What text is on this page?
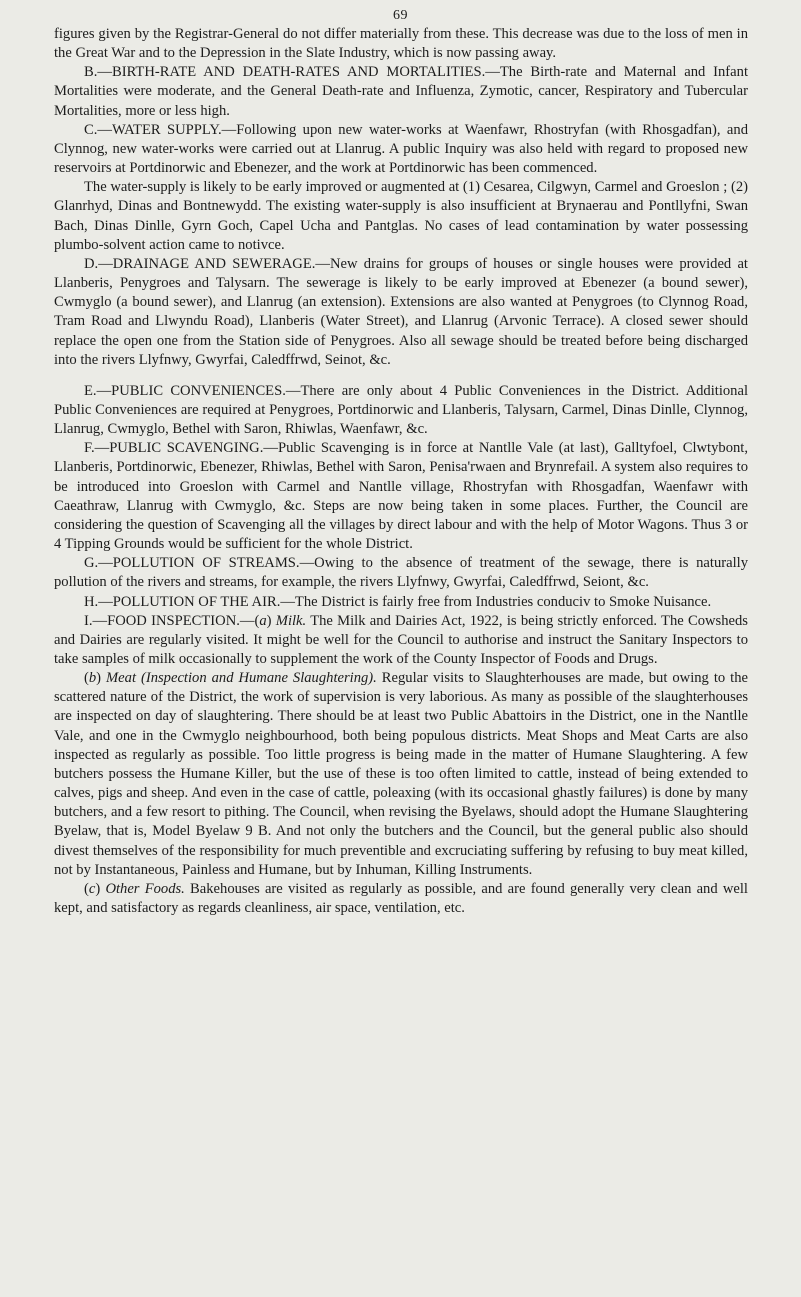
69

figures given by the Registrar-General do not differ materially from these. This decrease was due to the loss of men in the Great War and to the Depression in the Slate Industry, which is now passing away.

B.—BIRTH-RATE AND DEATH-RATES AND MORTALITIES.—The Birth-rate and Maternal and Infant Mortalities were moderate, and the General Death-rate and Influenza, Zymotic, cancer, Respiratory and Tubercular Mortalities, more or less high.

C.—WATER SUPPLY.—Following upon new water-works at Waenfawr, Rhostryfan (with Rhosgadfan), and Clynnog, new water-works were carried out at Llanrug. A public Inquiry was also held with regard to proposed new reservoirs at Portdinorwic and Ebenezer, and the work at Portdinorwic has been commenced.

The water-supply is likely to be early improved or augmented at (1) Cesarea, Cilgwyn, Carmel and Groeslon ; (2) Glanrhyd, Dinas and Bontnewydd. The existing water-supply is also insufficient at Brynaerau and Pontllyfni, Swan Bach, Dinas Dinlle, Gyrn Goch, Capel Ucha and Pantglas. No cases of lead contamination by water possessing plumbo-solvent action came to notivce.

D.—DRAINAGE AND SEWERAGE.—New drains for groups of houses or single houses were provided at Llanberis, Penygroes and Talysarn. The sewerage is likely to be early improved at Ebenezer (a bound sewer), Cwmyglo (a bound sewer), and Llanrug (an extension). Extensions are also wanted at Penygroes (to Clynnog Road, Tram Road and Llwyndu Road), Llanberis (Water Street), and Llanrug (Arvonic Terrace). A closed sewer should replace the open one from the Station side of Penygroes. Also all sewage should be treated before being discharged into the rivers Llyfnwy, Gwyrfai, Caledffrwd, Seinot, &c.

E.—PUBLIC CONVENIENCES.—There are only about 4 Public Conveniences in the District. Additional Public Conveniences are required at Penygroes, Portdinorwic and Llanberis, Talysarn, Carmel, Dinas Dinlle, Clynnog, Llanrug, Cwmyglo, Bethel with Saron, Rhiwlas, Waenfawr, &c.

F.—PUBLIC SCAVENGING.—Public Scavenging is in force at Nantlle Vale (at last), Galltyfoel, Clwtybont, Llanberis, Portdinorwic, Ebenezer, Rhiwlas, Bethel with Saron, Penisa'rwaen and Brynrefail. A system also requires to be introduced into Groeslon with Carmel and Nantlle village, Rhostryfan with Rhosgadfan, Waenfawr with Caeathraw, Llanrug with Cwmyglo, &c. Steps are now being taken in some places. Further, the Council are considering the question of Scavenging all the villages by direct labour and with the help of Motor Wagons. Thus 3 or 4 Tipping Grounds would be sufficient for the whole District.

G.—POLLUTION OF STREAMS.—Owing to the absence of treatment of the sewage, there is naturally pollution of the rivers and streams, for example, the rivers Llyfnwy, Gwyrfai, Caledffrwd, Seiont, &c.

H.—POLLUTION OF THE AIR.—The District is fairly free from Industries conduciv to Smoke Nuisance.

I.—FOOD INSPECTION.—(a) Milk. The Milk and Dairies Act, 1922, is being strictly enforced. The Cowsheds and Dairies are regularly visited. It might be well for the Council to authorise and instruct the Sanitary Inspectors to take samples of milk occasionally to supplement the work of the County Inspector of Foods and Drugs.

(b) Meat (Inspection and Humane Slaughtering). Regular visits to Slaughterhouses are made, but owing to the scattered nature of the District, the work of supervision is very laborious. As many as possible of the slaughterhouses are inspected on day of slaughtering. There should be at least two Public Abattoirs in the District, one in the Nantlle Vale, and one in the Cwmyglo neighbourhood, both being populous districts. Meat Shops and Meat Carts are also inspected as regularly as possible. Too little progress is being made in the matter of Humane Slaughtering. A few butchers possess the Humane Killer, but the use of these is too often limited to cattle, instead of being extended to calves, pigs and sheep. And even in the case of cattle, poleaxing (with its occasional ghastly failures) is done by many butchers, and a few resort to pithing. The Council, when revising the Byelaws, should adopt the Humane Slaughtering Byelaw, that is, Model Byelaw 9 B. And not only the butchers and the Council, but the general public also should divest themselves of the responsibility for much preventible and excruciating suffering by refusing to buy meat killed, not by Instantaneous, Painless and Humane, but by Inhuman, Killing Instruments.

(c) Other Foods. Bakehouses are visited as regularly as possible, and are found generally very clean and well kept, and satisfactory as regards cleanliness, air space, ventilation, etc.
